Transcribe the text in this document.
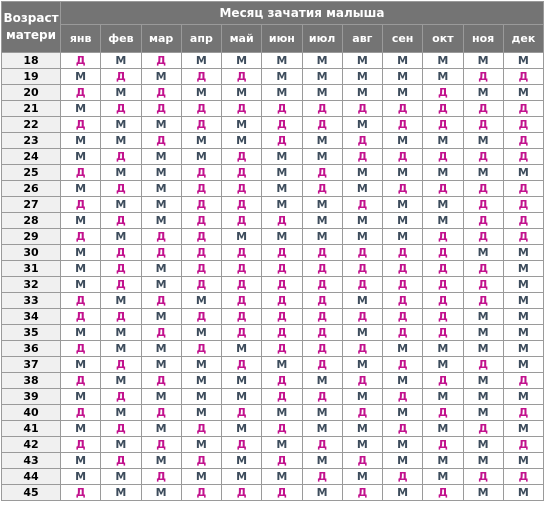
Возраст
матери	Месяц зачатия малыша											
	янв	фев	мар	апр	май	июн	июл	авг	сен	окт	ноя	дек
18	Д	М	Д	М	М	М	М	М	М	М	М	М
19	М	Д	М	Д	Д	М	М	М	М	М	Д	Д
20	Д	М	Д	М	М	М	М	М	М	Д	М	М
21	М	Д	Д	Д	Д	Д	Д	Д	Д	Д	Д	Д
22	Д	М	М	Д	М	Д	Д	М	Д	Д	Д	Д
23	М	М	Д	М	М	Д	М	Д	М	М	М	Д
24	М	Д	М	М	Д	М	М	Д	Д	Д	Д	Д
25	Д	М	М	Д	Д	М	Д	М	М	М	М	М
26	М	Д	М	Д	Д	М	Д	М	Д	Д	Д	Д
27	Д	М	М	Д	Д	М	М	Д	М	М	Д	Д
28	М	Д	М	Д	Д	Д	М	М	М	М	Д	Д
29	Д	М	Д	Д	М	М	М	М	М	Д	Д	Д
30	М	Д	Д	Д	Д	Д	Д	Д	Д	Д	М	М
31	М	Д	М	Д	Д	Д	Д	Д	Д	Д	Д	М
32	М	Д	М	Д	Д	Д	Д	Д	Д	Д	Д	М
33	Д	М	Д	М	Д	Д	Д	М	Д	Д	Д	М
34	Д	Д	М	Д	Д	Д	Д	Д	Д	Д	М	М
35	М	М	Д	М	Д	Д	Д	М	Д	Д	М	М
36	Д	М	М	Д	М	Д	Д	Д	М	М	М	М
37	М	Д	М	М	Д	М	Д	М	Д	М	Д	М
38	Д	М	Д	М	М	Д	М	Д	М	Д	М	Д
39	М	Д	М	М	М	Д	Д	М	Д	М	М	М
40	Д	М	Д	М	Д	М	М	Д	М	Д	М	Д
41	М	Д	М	Д	М	Д	М	М	Д	М	Д	М
42	Д	М	Д	М	Д	М	Д	М	М	Д	М	Д
43	М	Д	М	Д	М	Д	М	Д	М	М	М	М
44	М	М	Д	М	М	М	Д	М	Д	М	Д	Д
45	Д	М	М	Д	Д	Д	М	Д	М	Д	М	М
